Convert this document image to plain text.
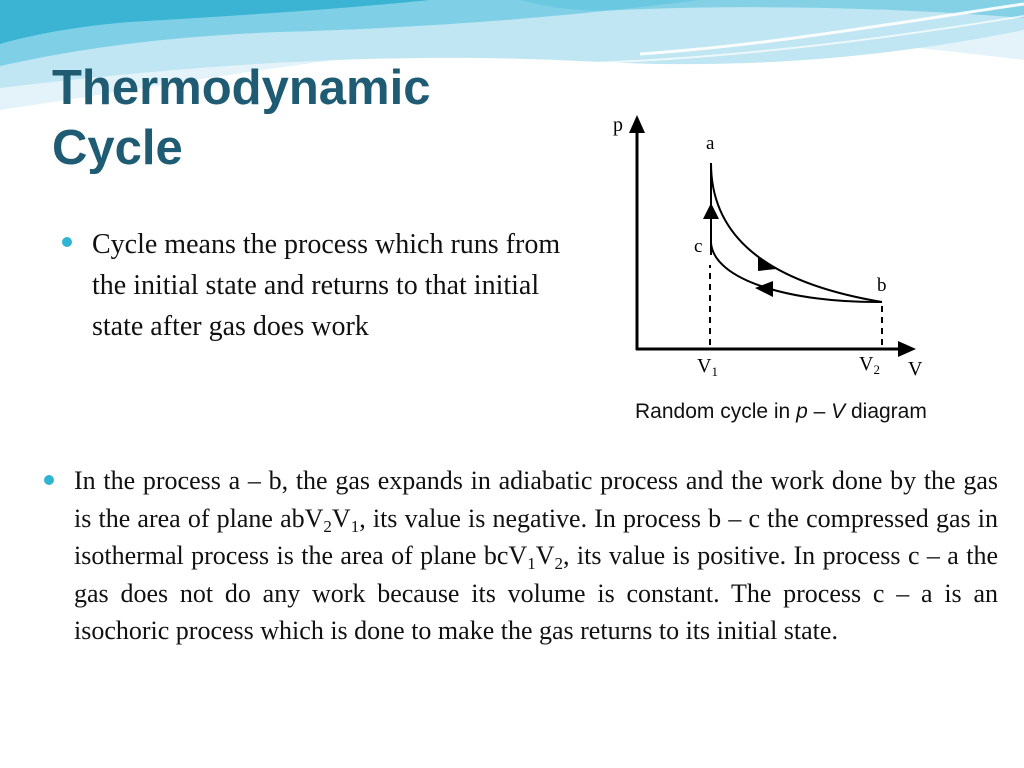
Thermodynamic
Cycle
Cycle means the process which runs from the initial state and returns to that initial state after gas does work
p
V
a
b
c
$V_1$	$V_2$
Random cycle in p – V diagram

In the process a – b, the gas expands in adiabatic process and the work done by the gas is the area of plane $abV_2V_1$, its value is negative. In process b – c the compressed gas in isothermal process is the area of plane $bcV_1V_2$, its value is positive. In process c – a the gas does not do any work because its volume is constant. The process c – a is an isochoric process which is done to make the gas returns to its initial state.
